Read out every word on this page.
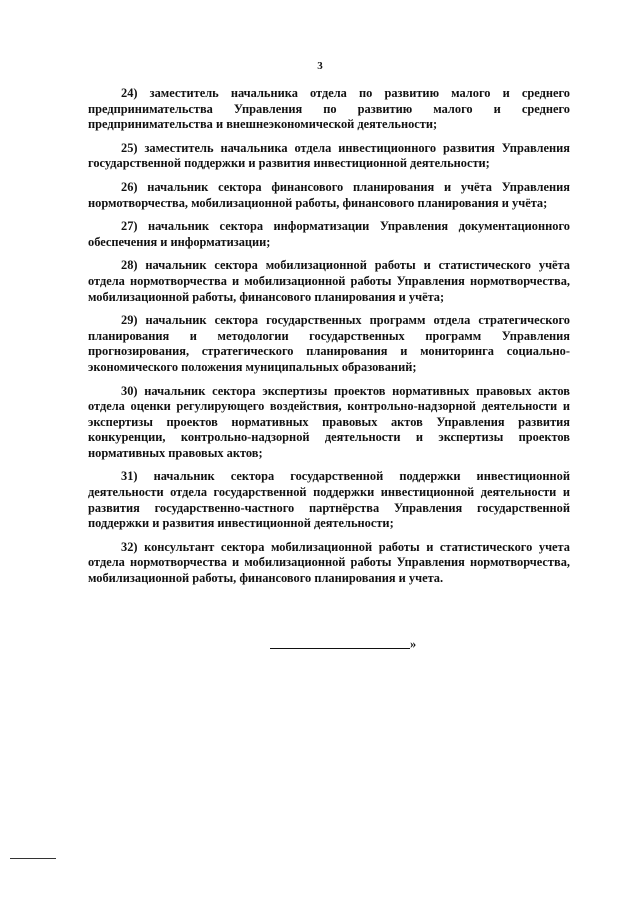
3

24) заместитель начальника отдела по развитию малого и среднего предпринимательства Управления по развитию малого и среднего предпринимательства и внешнеэкономической деятельности;

25) заместитель начальника отдела инвестиционного развития Управления государственной поддержки и развития инвестиционной деятельности;

26) начальник сектора финансового планирования и учёта Управления нормотворчества, мобилизационной работы, финансового планирования и учёта;

27) начальник сектора информатизации Управления документационного обеспечения и информатизации;

28) начальник сектора мобилизационной работы и статистического учёта отдела нормотворчества и мобилизационной работы Управления нормотворчества, мобилизационной работы, финансового планирования и учёта;

29) начальник сектора государственных программ отдела стратегического планирования и методологии государственных программ Управления прогнозирования, стратегического планирования и мониторинга социально-экономического положения муниципальных образований;

30) начальник сектора экспертизы проектов нормативных правовых актов отдела оценки регулирующего воздействия, контрольно-надзорной деятельности и экспертизы проектов нормативных правовых актов Управления развития конкуренции, контрольно-надзорной деятельности и экспертизы проектов нормативных правовых актов;

31) начальник сектора государственной поддержки инвестиционной деятельности отдела государственной поддержки инвестиционной деятельности и развития государственно-частного партнёрства Управления государственной поддержки и развития инвестиционной деятельности;

32) консультант сектора мобилизационной работы и статистического учета отдела нормотворчества и мобилизационной работы Управления нормотворчества, мобилизационной работы, финансового планирования и учета.

»
